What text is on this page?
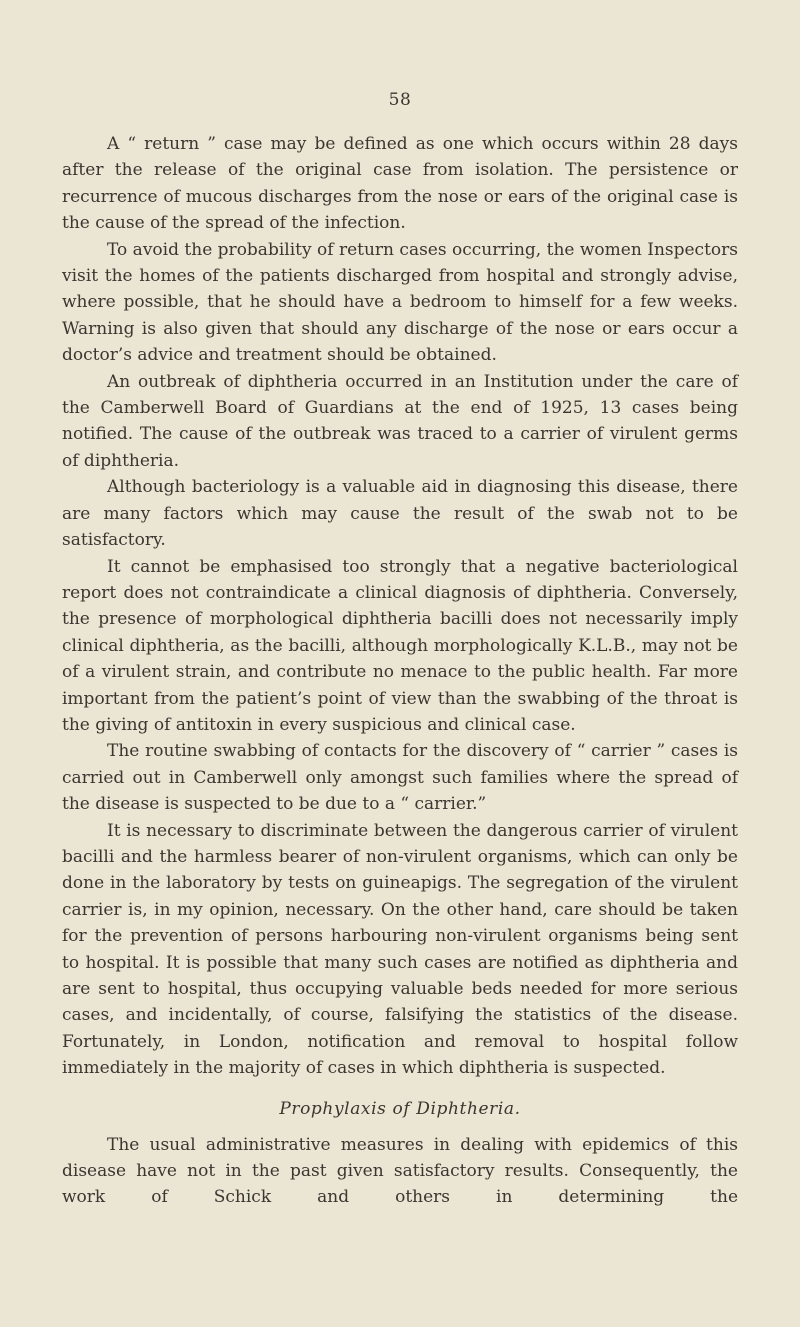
58

A “ return ” case may be defined as one which occurs within 28 days after the release of the original case from isolation. The persistence or recurrence of mucous discharges from the nose or ears of the original case is the cause of the spread of the infection.

To avoid the probability of return cases occurring, the women Inspectors visit the homes of the patients discharged from hospital and strongly advise, where possible, that he should have a bedroom to himself for a few weeks. Warning is also given that should any discharge of the nose or ears occur a doctor’s advice and treatment should be obtained.

An outbreak of diphtheria occurred in an Institution under the care of the Camberwell Board of Guardians at the end of 1925, 13 cases being notified. The cause of the outbreak was traced to a carrier of virulent germs of diphtheria.

Although bacteriology is a valuable aid in diagnosing this disease, there are many factors which may cause the result of the swab not to be satisfactory.

It cannot be emphasised too strongly that a negative bacteriological report does not contraindicate a clinical diagnosis of diphtheria. Conversely, the presence of morphological diphtheria bacilli does not necessarily imply clinical diphtheria, as the bacilli, although morphologically K.L.B., may not be of a virulent strain, and contribute no menace to the public health. Far more important from the patient’s point of view than the swabbing of the throat is the giving of antitoxin in every suspicious and clinical case.

The routine swabbing of contacts for the discovery of “ carrier ” cases is carried out in Camberwell only amongst such families where the spread of the disease is suspected to be due to a “ carrier.”

It is necessary to discriminate between the dangerous carrier of virulent bacilli and the harmless bearer of non-virulent organisms, which can only be done in the laboratory by tests on guineapigs. The segregation of the virulent carrier is, in my opinion, necessary. On the other hand, care should be taken for the prevention of persons harbouring non-virulent organisms being sent to hospital. It is possible that many such cases are notified as diphtheria and are sent to hospital, thus occupying valuable beds needed for more serious cases, and incidentally, of course, falsifying the statistics of the disease. Fortunately, in London, notification and removal to hospital follow immediately in the majority of cases in which diphtheria is suspected.

Prophylaxis of Diphtheria.

The usual administrative measures in dealing with epidemics of this disease have not in the past given satisfactory results. Consequently, the work of Schick and others in determining the
